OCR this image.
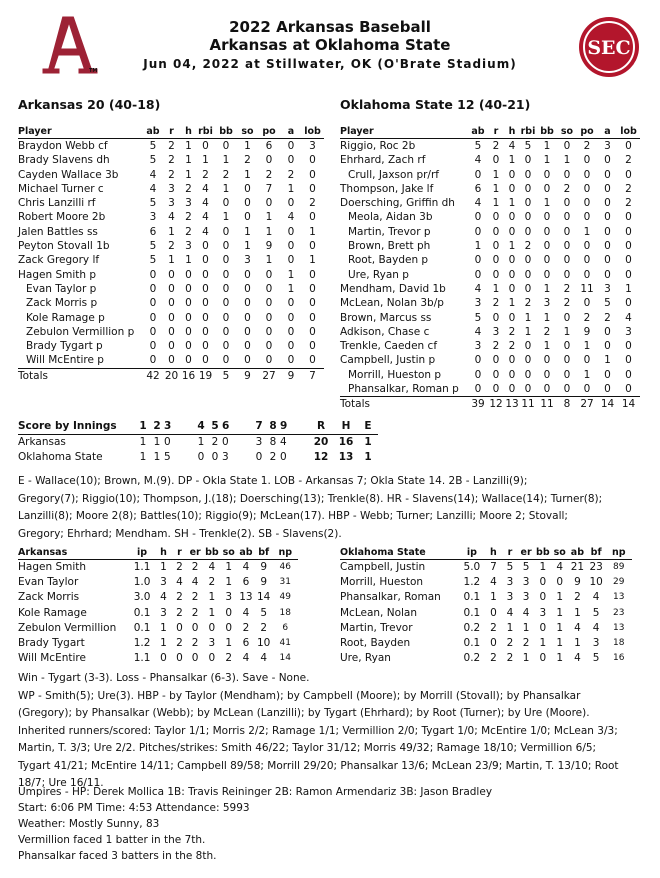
2022 Arkansas Baseball
Arkansas at Oklahoma State
Jun 04, 2022 at Stillwater, OK (O'Brate Stadium)
TM
SEC
Arkansas 20 (40-18)	Oklahoma State 12 (40-21)
Player	ab	r	h	rbi	bb	so	po	a	lob
Braydon Webb cf	5	2	1	0	0	1	6	0	3
Brady Slavens dh	5	2	1	1	1	2	0	0	0
Cayden Wallace 3b	4	2	1	2	2	1	2	2	0
Michael Turner c	4	3	2	4	1	0	7	1	0
Chris Lanzilli rf	5	3	3	4	0	0	0	0	2
Robert Moore 2b	3	4	2	4	1	0	1	4	0
Jalen Battles ss	6	1	2	4	0	1	1	0	1
Peyton Stovall 1b	5	2	3	0	0	1	9	0	0
Zack Gregory lf	5	1	1	0	0	3	1	0	1
Hagen Smith p	0	0	0	0	0	0	0	1	0
Evan Taylor p	0	0	0	0	0	0	0	1	0
Zack Morris p	0	0	0	0	0	0	0	0	0
Kole Ramage p	0	0	0	0	0	0	0	0	0
Zebulon Vermillion p	0	0	0	0	0	0	0	0	0
Brady Tygart p	0	0	0	0	0	0	0	0	0
Will McEntire p	0	0	0	0	0	0	0	0	0
Totals	42	20	16	19	5	9	27	9	7
Player	ab	r	h	rbi	bb	so	po	a	lob
Riggio, Roc 2b	5	2	4	5	1	0	2	3	0
Ehrhard, Zach rf	4	0	1	0	1	1	0	0	2
Crull, Jaxson pr/rf	0	1	0	0	0	0	0	0	0
Thompson, Jake lf	6	1	0	0	0	2	0	0	2
Doersching, Griffin dh	4	1	1	0	1	0	0	0	2
Meola, Aidan 3b	0	0	0	0	0	0	0	0	0
Martin, Trevor p	0	0	0	0	0	0	1	0	0
Brown, Brett ph	1	0	1	2	0	0	0	0	0
Root, Bayden p	0	0	0	0	0	0	0	0	0
Ure, Ryan p	0	0	0	0	0	0	0	0	0
Mendham, David 1b	4	1	0	0	1	2	11	3	1
McLean, Nolan 3b/p	3	2	1	2	3	2	0	5	0
Brown, Marcus ss	5	0	0	1	1	0	2	2	4
Adkison, Chase c	4	3	2	1	2	1	9	0	3
Trenkle, Caeden cf	3	2	2	0	1	0	1	0	0
Campbell, Justin p	0	0	0	0	0	0	0	1	0
Morrill, Hueston p	0	0	0	0	0	0	1	0	0
Phansalkar, Roman p	0	0	0	0	0	0	0	0	0
Totals	39	12	13	11	11	8	27	14	14
Score by Innings	1	2	3	4	5	6	7	8	9	R	H	E
Arkansas	1	1	0	1	2	0	3	8	4	20	16	1
Oklahoma State	1	1	5	0	0	3	0	2	0	12	13	1
E - Wallace(10); Brown, M.(9). DP - Okla State 1. LOB - Arkansas 7; Okla State 14. 2B - Lanzilli(9);
Gregory(7); Riggio(10); Thompson, J.(18); Doersching(13); Trenkle(8). HR - Slavens(14); Wallace(14); Turner(8);
Lanzilli(8); Moore 2(8); Battles(10); Riggio(9); McLean(17). HBP - Webb; Turner; Lanzilli; Moore 2; Stovall;
Gregory; Ehrhard; Mendham. SH - Trenkle(2). SB - Slavens(2).
Arkansas	ip	h	r	er	bb	so	ab	bf	np
Hagen Smith	1.1	1	2	2	4	1	4	9	46
Evan Taylor	1.0	3	4	4	2	1	6	9	31
Zack Morris	3.0	4	2	2	1	3	13	14	49
Kole Ramage	0.1	3	2	2	1	0	4	5	18
Zebulon Vermillion	0.1	1	0	0	0	0	2	2	6
Brady Tygart	1.2	1	2	2	3	1	6	10	41
Will McEntire	1.1	0	0	0	0	2	4	4	14
Oklahoma State	ip	h	r	er	bb	so	ab	bf	np
Campbell, Justin	5.0	7	5	5	1	4	21	23	89
Morrill, Hueston	1.2	4	3	3	0	0	9	10	29
Phansalkar, Roman	0.1	1	3	3	0	1	2	4	13
McLean, Nolan	0.1	0	4	4	3	1	1	5	23
Martin, Trevor	0.2	2	1	1	0	1	4	4	13
Root, Bayden	0.1	0	2	2	1	1	1	3	18
Ure, Ryan	0.2	2	2	1	0	1	4	5	16
Win - Tygart (3-3). Loss - Phansalkar (6-3). Save - None.
WP - Smith(5); Ure(3). HBP - by Taylor (Mendham); by Campbell (Moore); by Morrill (Stovall); by Phansalkar
(Gregory); by Phansalkar (Webb); by McLean (Lanzilli); by Tygart (Ehrhard); by Root (Turner); by Ure (Moore).
Inherited runners/scored: Taylor 1/1; Morris 2/2; Ramage 1/1; Vermillion 2/0; Tygart 1/0; McEntire 1/0; McLean 3/3;
Martin, T. 3/3; Ure 2/2. Pitches/strikes: Smith 46/22; Taylor 31/12; Morris 49/32; Ramage 18/10; Vermillion 6/5;
Tygart 41/21; McEntire 14/11; Campbell 89/58; Morrill 29/20; Phansalkar 13/6; McLean 23/9; Martin, T. 13/10; Root
18/7; Ure 16/11.
Umpires - HP: Derek Mollica 1B: Travis Reininger 2B: Ramon Armendariz 3B: Jason Bradley
Start: 6:06 PM Time: 4:53 Attendance: 5993
Weather: Mostly Sunny, 83
Vermillion faced 1 batter in the 7th.
Phansalkar faced 3 batters in the 8th.
